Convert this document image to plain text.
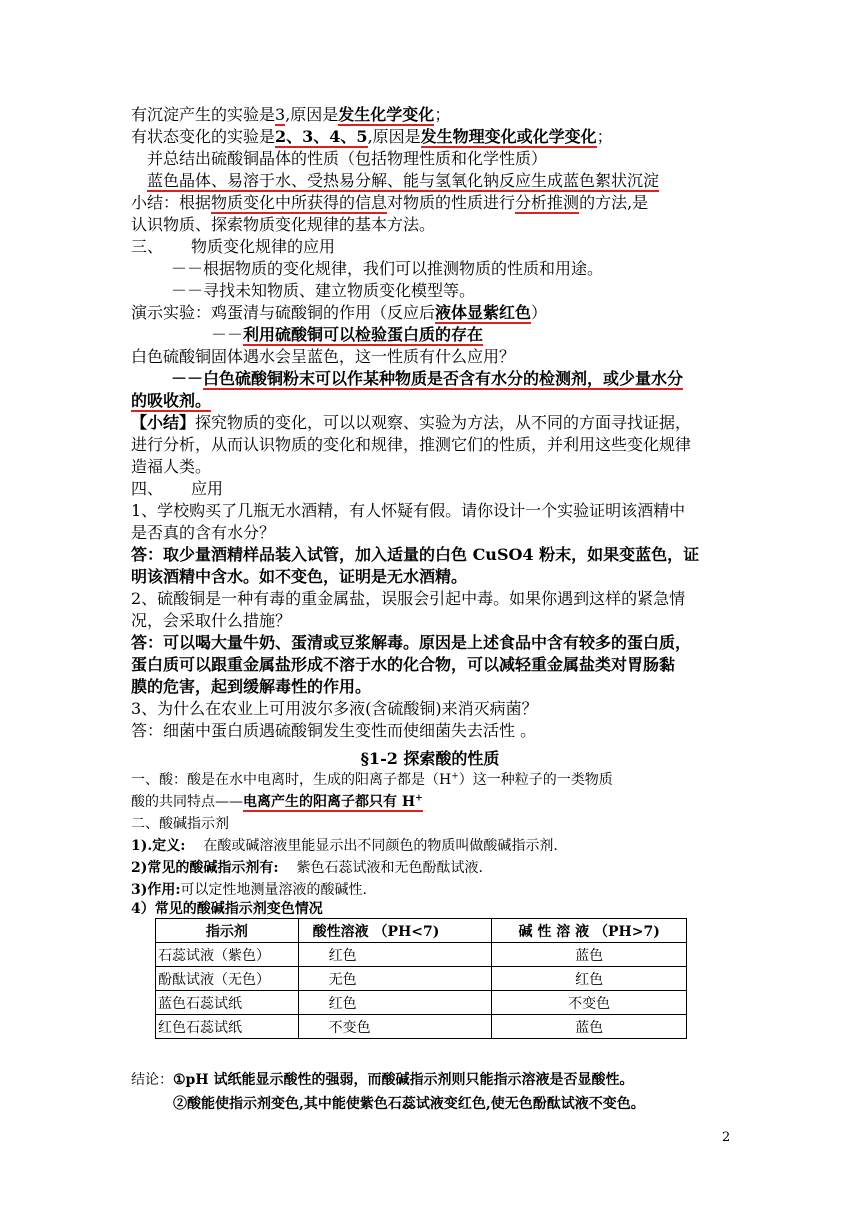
有沉淀产生的实验是3,原因是发生化学变化；
有状态变化的实验是2、3、4、5,原因是发生物理变化或化学变化；
并总结出硫酸铜晶体的性质（包括物理性质和化学性质）
蓝色晶体、易溶于水、受热易分解、能与氢氧化钠反应生成蓝色絮状沉淀
小结：根据物质变化中所获得的信息对物质的性质进行分析推测的方法,是
认识物质、探索物质变化规律的基本方法。
三、 物质变化规律的应用
－－根据物质的变化规律，我们可以推测物质的性质和用途。
－－寻找未知物质、建立物质变化模型等。
演示实验：鸡蛋清与硫酸铜的作用（反应后液体显紫红色）
－－利用硫酸铜可以检验蛋白质的存在
白色硫酸铜固体遇水会呈蓝色，这一性质有什么应用？
－－白色硫酸铜粉末可以作某种物质是否含有水分的检测剂，或少量水分
的吸收剂。
【小结】探究物质的变化，可以以观察、实验为方法，从不同的方面寻找证据，
进行分析，从而认识物质的变化和规律，推测它们的性质，并利用这些变化规律
造福人类。
四、 应用
1、学校购买了几瓶无水酒精，有人怀疑有假。请你设计一个实验证明该酒精中
是否真的含有水分？
答：取少量酒精样品装入试管，加入适量的白色 CuSO4 粉末，如果变蓝色，证
明该酒精中含水。如不变色，证明是无水酒精。
2、硫酸铜是一种有毒的重金属盐，误服会引起中毒。如果你遇到这样的紧急情
况，会采取什么措施？
答：可以喝大量牛奶、蛋清或豆浆解毒。原因是上述食品中含有较多的蛋白质，
蛋白质可以跟重金属盐形成不溶于水的化合物，可以减轻重金属盐类对胃肠黏
膜的危害，起到缓解毒性的作用。
3、为什么在农业上可用波尔多液(含硫酸铜)来消灭病菌？
答：细菌中蛋白质遇硫酸铜发生变性而使细菌失去活性 。
§1-2 探索酸的性质
一、酸：酸是在水中电离时，生成的阳离子都是（H+）这一种粒子的一类物质
酸的共同特点——电离产生的阳离子都只有 H+
二、酸碱指示剂
1).定义: 在酸或碱溶液里能显示出不同颜色的物质叫做酸碱指示剂.
2)常见的酸碱指示剂有: 紫色石蕊试液和无色酚酞试液.
3)作用:可以定性地测量溶液的酸碱性.
4）常见的酸碱指示剂变色情况
指示剂	酸性溶液 （PH<7)	碱 性 溶 液 （PH>7)
石蕊试液（紫色）	红色	蓝色
酚酞试液（无色）	无色	红色
蓝色石蕊试纸	红色	不变色
红色石蕊试纸	不变色	蓝色
结论：①pH 试纸能显示酸性的强弱，而酸碱指示剂则只能指示溶液是否显酸性。
②酸能使指示剂变色,其中能使紫色石蕊试液变红色,使无色酚酞试液不变色。
2
